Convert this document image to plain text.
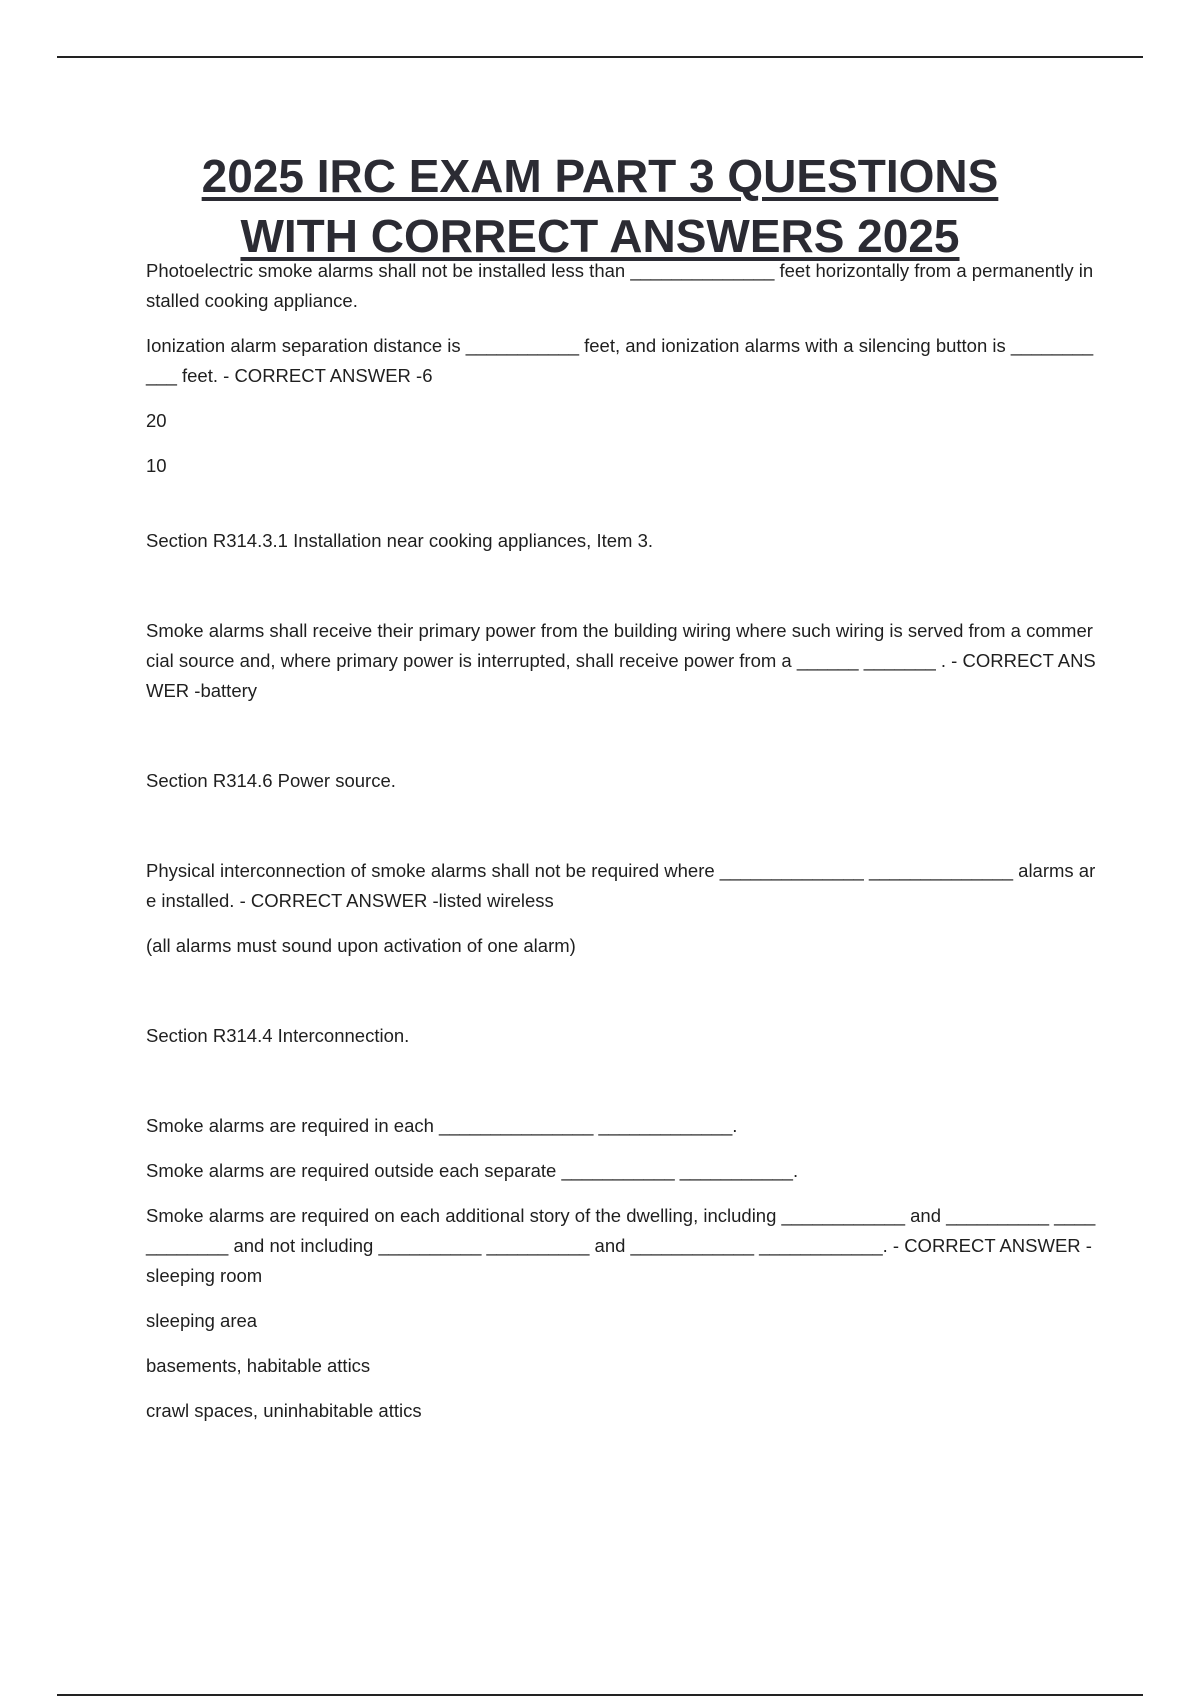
2025 IRC EXAM PART 3 QUESTIONS
WITH CORRECT ANSWERS 2025

Photoelectric smoke alarms shall not be installed less than ______________ feet horizontally from a permanently installed cooking appliance.

Ionization alarm separation distance is ___________ feet, and ionization alarms with a silencing button is ___________ feet. - CORRECT ANSWER -6

20

10

Section R314.3.1 Installation near cooking appliances, Item 3.

Smoke alarms shall receive their primary power from the building wiring where such wiring is served from a commercial source and, where primary power is interrupted, shall receive power from a ______ _______ . - CORRECT ANSWER -battery

Section R314.6 Power source.

Physical interconnection of smoke alarms shall not be required where ______________ ______________ alarms are installed. - CORRECT ANSWER -listed wireless

(all alarms must sound upon activation of one alarm)

Section R314.4 Interconnection.

Smoke alarms are required in each _______________ _____________.

Smoke alarms are required outside each separate ___________ ___________.

Smoke alarms are required on each additional story of the dwelling, including ____________ and __________ ____________ and not including __________ __________ and ____________ ____________. - CORRECT ANSWER -sleeping room

sleeping area

basements, habitable attics

crawl spaces, uninhabitable attics
